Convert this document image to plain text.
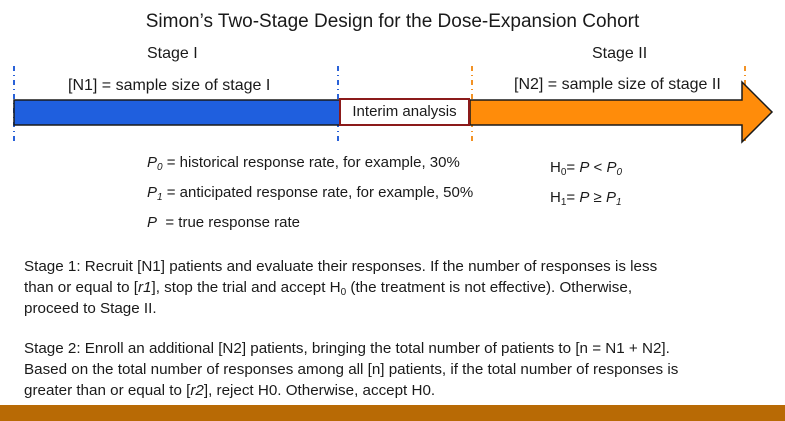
Simon’s Two-Stage Design for the Dose-Expansion Cohort
Stage I	Stage II
[N1] = sample size of stage I	[N2] = sample size of stage II
Interim analysis
$P_0$ = historical response rate, for example, 30%
$P_1$ = anticipated response rate, for example, 50%
P  = true response rate
$H_0= P < P_0$
$H_1= P \ge P_1$
Stage 1: Recruit [N1] patients and evaluate their responses. If the number of responses is less
than or equal to [r1], stop the trial and accept $H_0$ (the treatment is not effective). Otherwise,
proceed to Stage II.
Stage 2: Enroll an additional [N2] patients, bringing the total number of patients to [n = N1 + N2].
Based on the total number of responses among all [n] patients, if the total number of responses is
greater than or equal to [r2], reject H0. Otherwise, accept H0.
